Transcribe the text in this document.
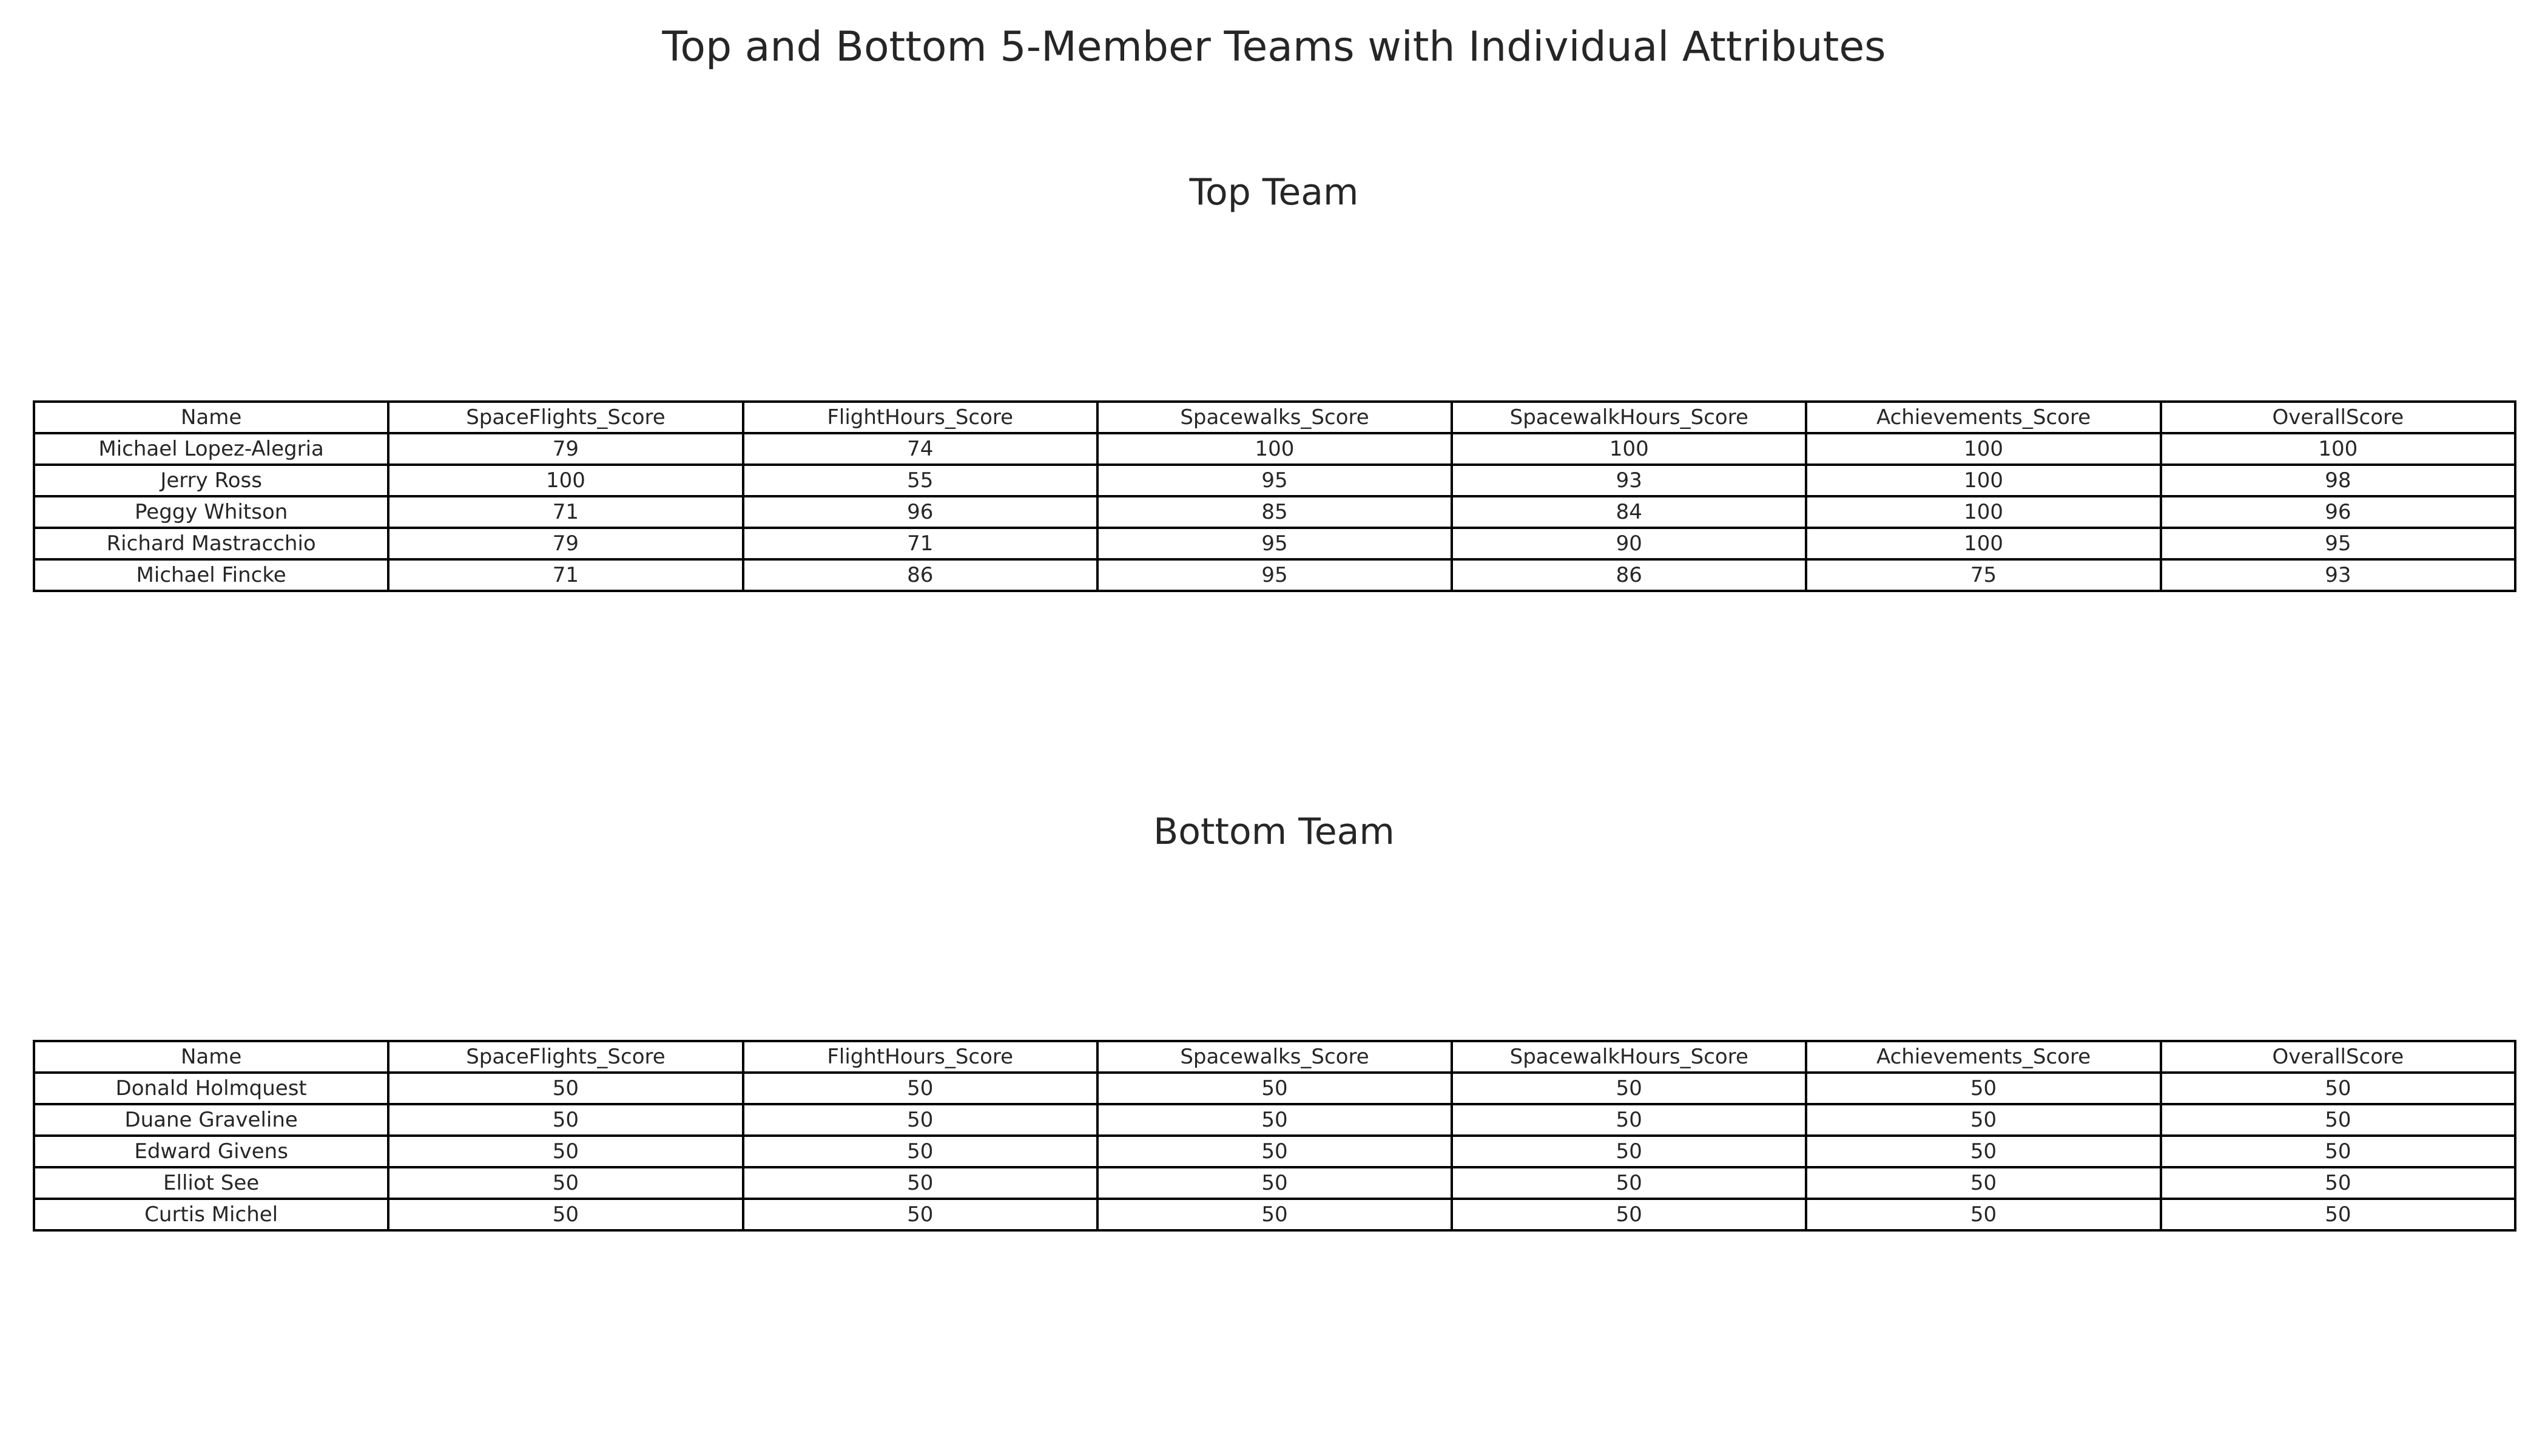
Top and Bottom 5-Member Teams with Individual Attributes
Top Team
Name	SpaceFlights_Score	FlightHours_Score	Spacewalks_Score	SpacewalkHours_Score	Achievements_Score	OverallScore
Michael Lopez-Alegria	79	74	100	100	100	100
Jerry Ross	100	55	95	93	100	98
Peggy Whitson	71	96	85	84	100	96
Richard Mastracchio	79	71	95	90	100	95
Michael Fincke	71	86	95	86	75	93
Bottom Team
Name	SpaceFlights_Score	FlightHours_Score	Spacewalks_Score	SpacewalkHours_Score	Achievements_Score	OverallScore
Donald Holmquest	50	50	50	50	50	50
Duane Graveline	50	50	50	50	50	50
Edward Givens	50	50	50	50	50	50
Elliot See	50	50	50	50	50	50
Curtis Michel	50	50	50	50	50	50
